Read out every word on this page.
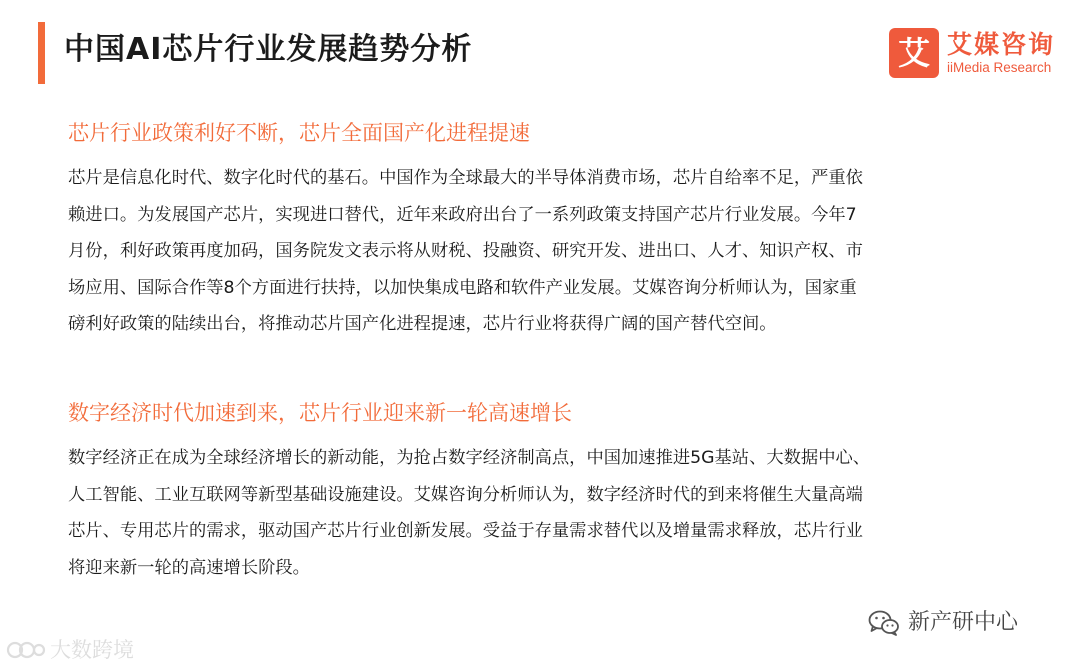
中国AI芯片行业发展趋势分析	艾 艾媒咨询
iiMedia Research
芯片行业政策利好不断，芯片全面国产化进程提速
芯片是信息化时代、数字化时代的基石。中国作为全球最大的半导体消费市场，芯片自给率不足，严重依
赖进口。为发展国产芯片，实现进口替代，近年来政府出台了一系列政策支持国产芯片行业发展。今年7
月份，利好政策再度加码，国务院发文表示将从财税、投融资、研究开发、进出口、人才、知识产权、市
场应用、国际合作等8个方面进行扶持，以加快集成电路和软件产业发展。艾媒咨询分析师认为，国家重
磅利好政策的陆续出台，将推动芯片国产化进程提速，芯片行业将获得广阔的国产替代空间。
数字经济时代加速到来，芯片行业迎来新一轮高速增长
数字经济正在成为全球经济增长的新动能，为抢占数字经济制高点，中国加速推进5G基站、大数据中心、
人工智能、工业互联网等新型基础设施建设。艾媒咨询分析师认为，数字经济时代的到来将催生大量高端
芯片、专用芯片的需求，驱动国产芯片行业创新发展。受益于存量需求替代以及增量需求释放，芯片行业
将迎来新一轮的高速增长阶段。
新产研中心
大数跨境
